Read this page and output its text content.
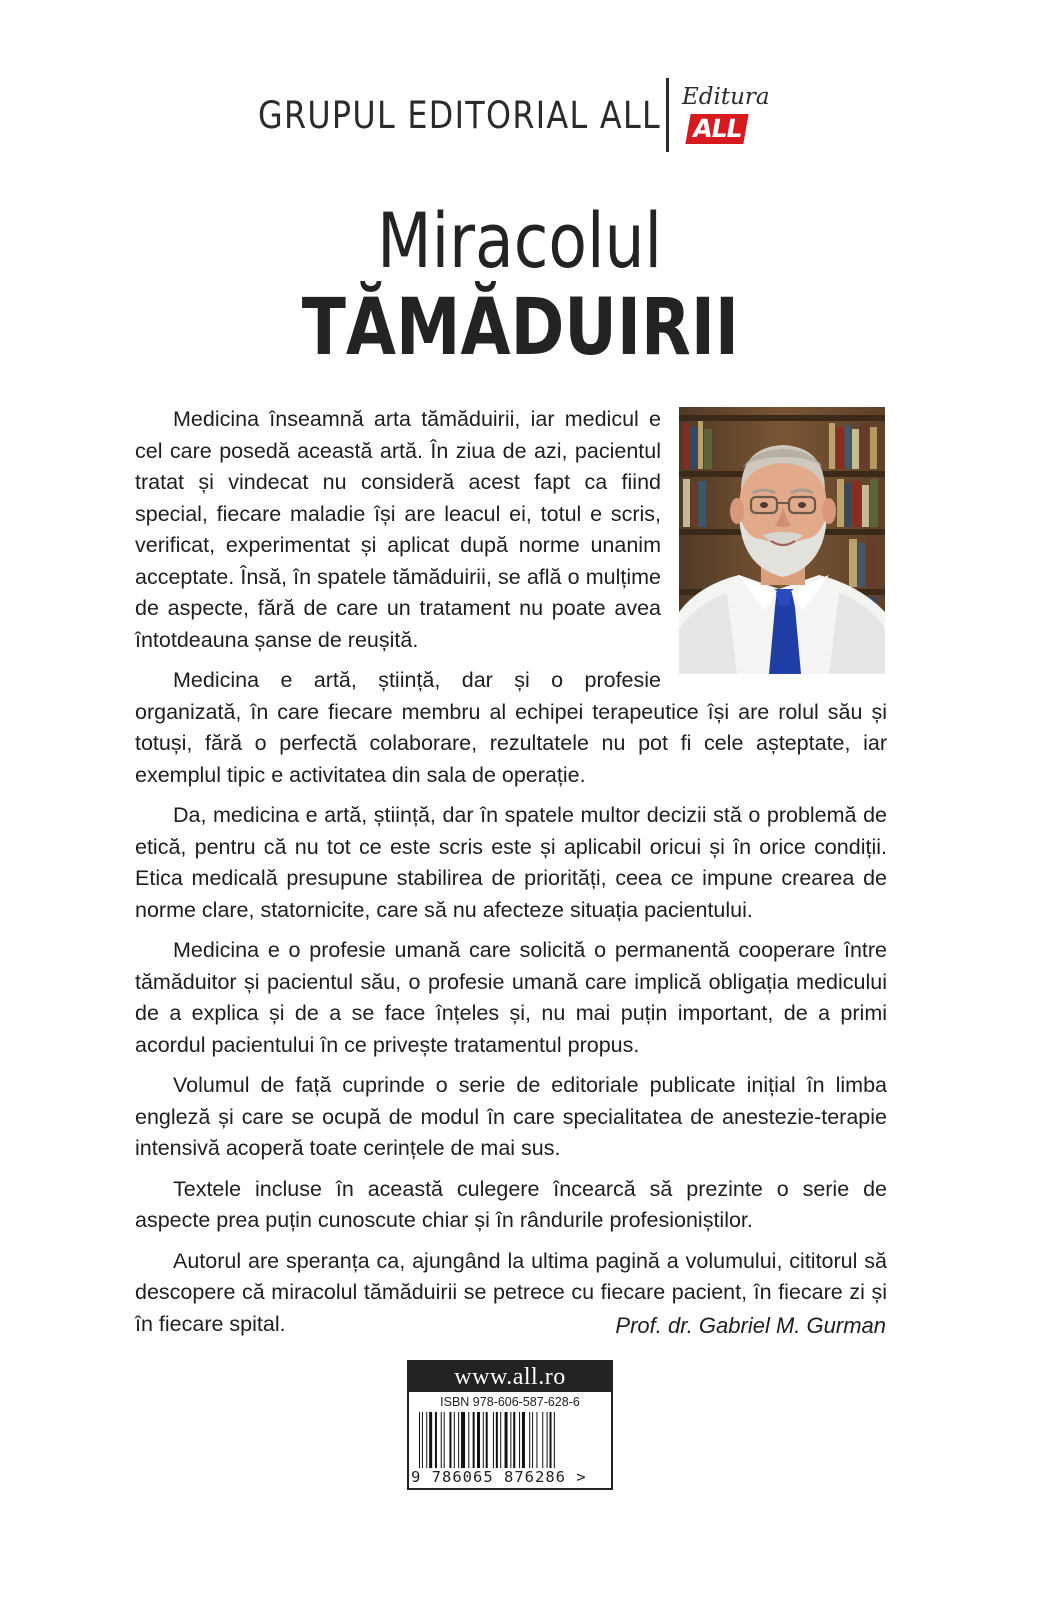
GRUPUL EDITORIAL ALL Editura
ALL
Miracolul
TĂMĂDUIRII

Medicina înseamnă arta tămăduirii, iar medicul e cel care posedă această artă. În ziua de azi, pacientul tratat și vindecat nu consideră acest fapt ca fiind special, fiecare maladie își are leacul ei, totul e scris, verificat, experimentat și aplicat după norme unanim acceptate. Însă, în spatele tămăduirii, se află o mulțime de aspecte, fără de care un tratament nu poate avea întotdeauna șanse de reușită.

Medicina e artă, știință, dar și o profesie organizată, în care fiecare membru al echipei terapeutice își are rolul său și totuși, fără o perfectă colaborare, rezultatele nu pot fi cele așteptate, iar exemplul tipic e activitatea din sala de operație.

Da, medicina e artă, știință, dar în spatele multor decizii stă o problemă de etică, pentru că nu tot ce este scris este și aplicabil oricui și în orice condiții. Etica medicală presupune stabilirea de priorități, ceea ce impune crearea de norme clare, statornicite, care să nu afecteze situația pacientului.

Medicina e o profesie umană care solicită o permanentă cooperare între tămăduitor și pacientul său, o profesie umană care implică obligația medicului de a explica și de a se face înțeles și, nu mai puțin important, de a primi acordul pacientului în ce privește tratamentul propus.

Volumul de față cuprinde o serie de editoriale publicate inițial în limba engleză și care se ocupă de modul în care specialitatea de anestezie-terapie intensivă acoperă toate cerințele de mai sus.

Textele incluse în această culegere încearcă să prezinte o serie de aspecte prea puțin cunoscute chiar și în rândurile profesioniștilor.

Autorul are speranța ca, ajungând la ultima pagină a volumului, cititorul să descopere că miracolul tămăduirii se petrece cu fiecare pacient, în fiecare zi și în fiecare spital.	Prof. dr. Gabriel M. Gurman
www.all.ro
ISBN 978-606-587-628-6
9 786065 876286 >
